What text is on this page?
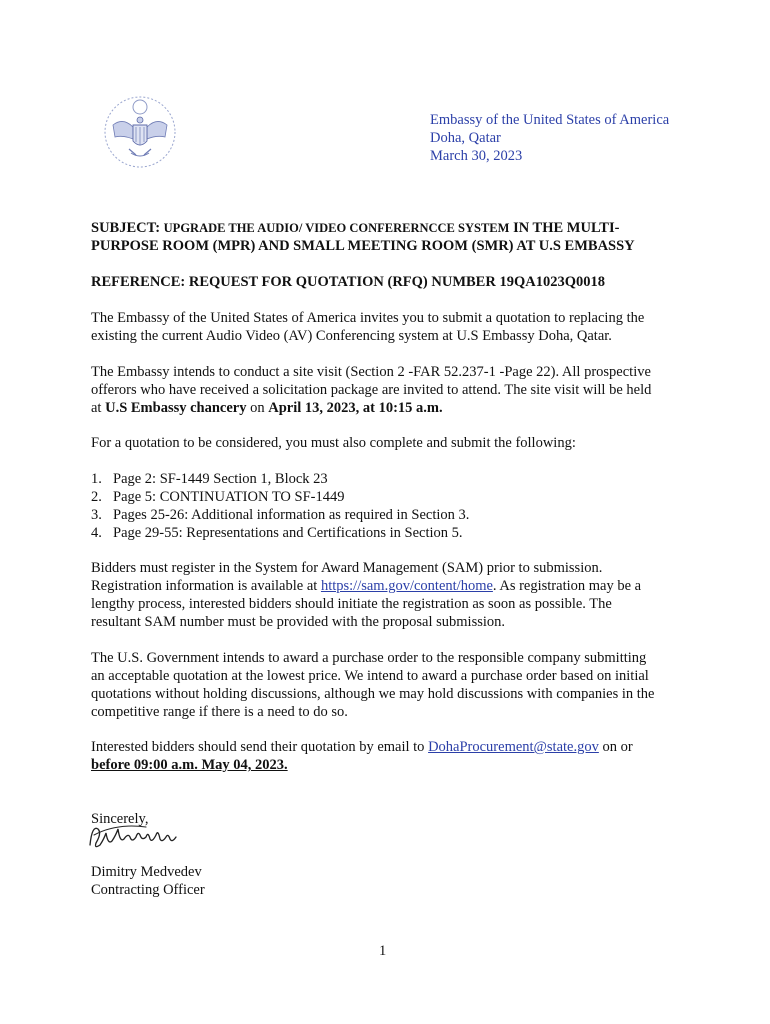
Embassy of the United States of America
Doha, Qatar
March 30, 2023
SUBJECT: UPGRADE THE AUDIO/ VIDEO CONFERERNCCE SYSTEM IN THE MULTI-
PURPOSE ROOM (MPR) AND SMALL MEETING ROOM (SMR) AT U.S EMBASSY
REFERENCE: REQUEST FOR QUOTATION (RFQ) NUMBER 19QA1023Q0018
The Embassy of the United States of America invites you to submit a quotation to replacing the
existing the current Audio Video (AV) Conferencing system at U.S Embassy Doha, Qatar.
The Embassy intends to conduct a site visit (Section 2 -FAR 52.237-1 -Page 22). All prospective
offerors who have received a solicitation package are invited to attend. The site visit will be held
at U.S Embassy chancery on April 13, 2023, at 10:15 a.m.
For a quotation to be considered, you must also complete and submit the following:
1. Page 2: SF-1449 Section 1, Block 23
2. Page 5: CONTINUATION TO SF-1449
3. Pages 25-26: Additional information as required in Section 3.
4. Page 29-55: Representations and Certifications in Section 5.
Bidders must register in the System for Award Management (SAM) prior to submission.
Registration information is available at https://sam.gov/content/home. As registration may be a
lengthy process, interested bidders should initiate the registration as soon as possible. The
resultant SAM number must be provided with the proposal submission.
The U.S. Government intends to award a purchase order to the responsible company submitting
an acceptable quotation at the lowest price. We intend to award a purchase order based on initial
quotations without holding discussions, although we may hold discussions with companies in the
competitive range if there is a need to do so.
Interested bidders should send their quotation by email to DohaProcurement@state.gov on or
before 09:00 a.m. May 04, 2023.
Sincerely,
Dimitry Medvedev
Contracting Officer
1
